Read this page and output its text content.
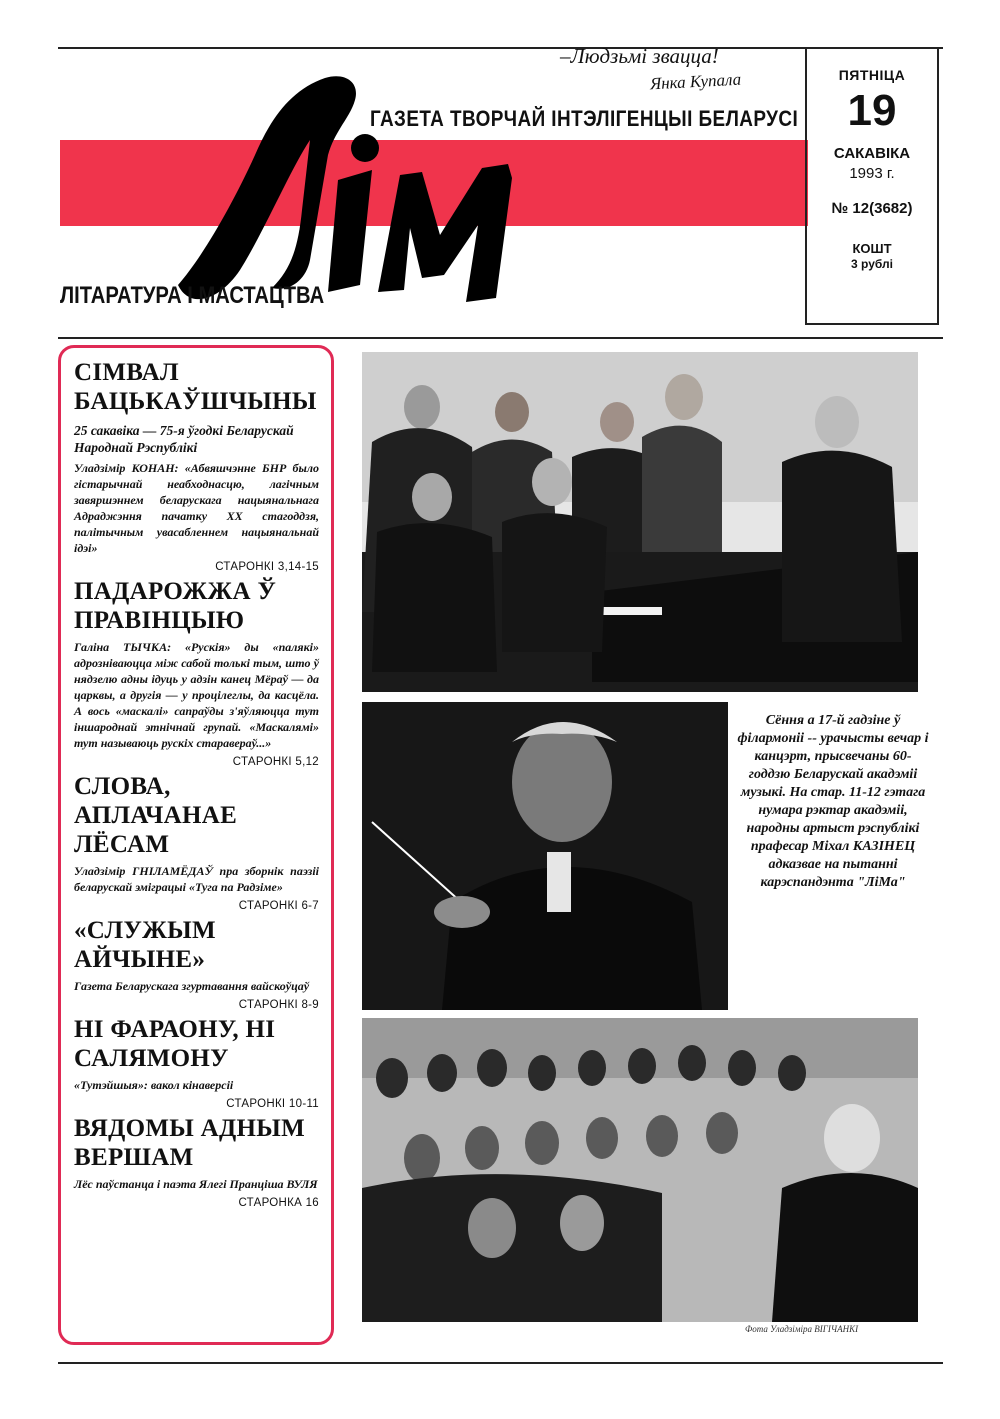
–Людзьмі звацца!
Янка Купала
ГАЗЕТА ТВОРЧАЙ ІНТЭЛІГЕНЦЫІ БЕЛАРУСІ
ЛІТАРАТУРА І МАСТАЦТВА
ПЯТНІЦА
19
САКАВІКА
1993 г.
№ 12(3682)
КОШТ
3 рублі
СІМВАЛ БАЦЬКАЎШЧЫНЫ
25 сакавіка — 75-я ўгодкі Беларускай Народнай Рэспублікі
Уладзімір КОНАН: «Абвяшчэнне БНР было гістарычнай неабходнасцю, лагічным завяршэннем беларускага нацыянальнага Адраджэння пачатку XX стагоддзя, палітычным увасабленнем нацыянальнай ідэі»
СТАРОНКІ 3,14-15
ПАДАРОЖЖА Ў ПРАВІНЦЫЮ
Галіна ТЫЧКА: «Рускія» ды «палякі» адрозніваюцца між сабой толькі тым, што ў нядзелю адны ідуць у адзін канец Мёраў — да царквы, а другія — у процілеглы, да касцёла. А вось «маскалі» сапраўды з'яўляюцца тут іншароднай этнічнай групай. «Маскалямі» тут называюць рускіх старавераў...»
СТАРОНКІ 5,12
СЛОВА, АПЛАЧАНАЕ ЛЁСАМ
Уладзімір ГНІЛАМЁДАЎ пра зборнік паэзіі беларускай эміграцыі «Туга па Радзіме»
СТАРОНКІ 6-7
«СЛУЖЫМ АЙЧЫНЕ»
Газета Беларускага згуртавання вайскоўцаў
СТАРОНКІ 8-9
НІ ФАРАОНУ, НІ САЛЯМОНУ
«Тутэйшыя»: вакол кінаверсіі
СТАРОНКІ 10-11
ВЯДОМЫ АДНЫМ ВЕРШАМ
Лёс паўстанца і паэта Ялегі Пранціша ВУЛЯ
СТАРОНКА 16
Сёння а 17-й гадзіне ў філармоніі -- урачысты вечар і канцэрт, прысвечаны 60-годдзю Беларускай акадэміі музыкі. На стар. 11-12 гэтага нумара рэктар акадэміі, народны артыст рэспублікі прафесар Міхал КАЗІНЕЦ адказвае на пытанні карэспандэнта "ЛіМа"
Фота Уладзіміра ВІГІЧАНКІ
